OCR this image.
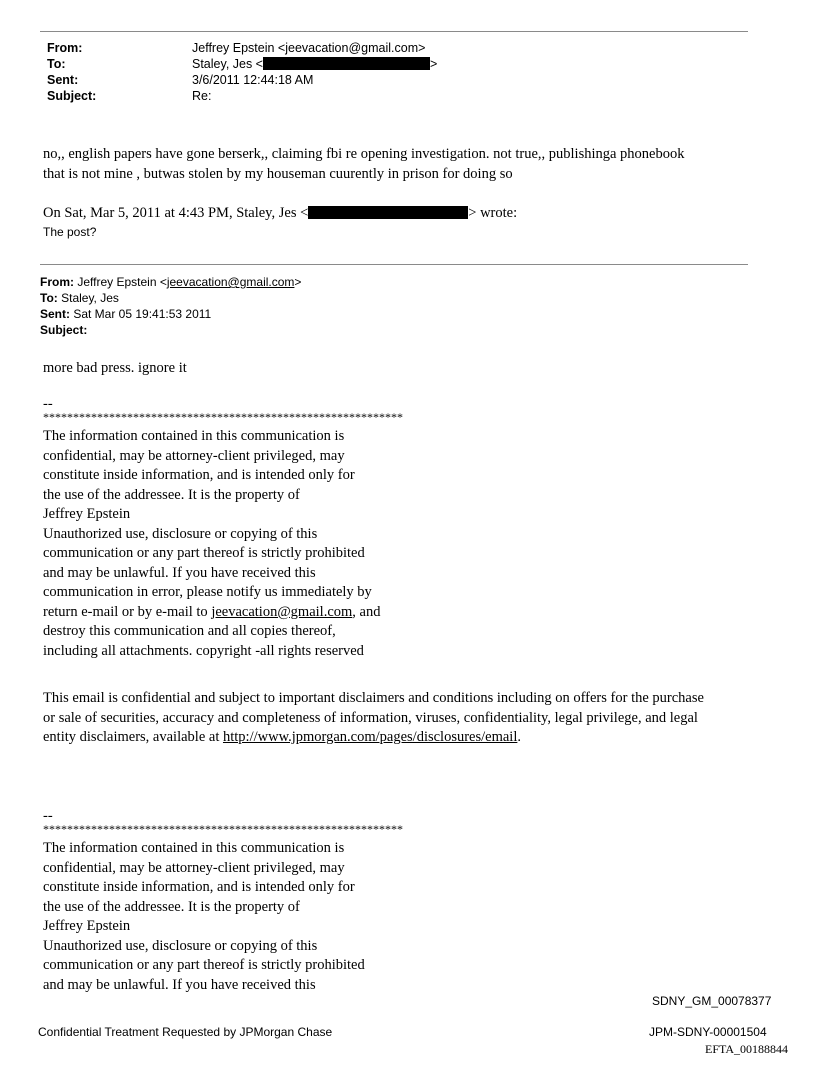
From:	Jeffrey Epstein <jeevacation@gmail.com>
To:	Staley, Jes <	>
Sent:	3/6/2011 12:44:18 AM
Subject:	Re:
no,, english papers have gone berserk,, claiming fbi re opening investigation. not true,, publishinga phonebook
that is not mine , butwas stolen by my houseman cuurently in prison for doing so
On Sat, Mar 5, 2011 at 4:43 PM, Staley, Jes <	> wrote:
The post?
From: Jeffrey Epstein <jeevacation@gmail.com>
To: Staley, Jes
Sent: Sat Mar 05 19:41:53 2011
Subject:
more bad press. ignore it
--
************************************************************
The information contained in this communication is
confidential, may be attorney-client privileged, may
constitute inside information, and is intended only for
the use of the addressee. It is the property of
Jeffrey Epstein
Unauthorized use, disclosure or copying of this
communication or any part thereof is strictly prohibited
and may be unlawful. If you have received this
communication in error, please notify us immediately by
return e-mail or by e-mail to jeevacation@gmail.com, and
destroy this communication and all copies thereof,
including all attachments. copyright -all rights reserved
This email is confidential and subject to important disclaimers and conditions including on offers for the purchase
or sale of securities, accuracy and completeness of information, viruses, confidentiality, legal privilege, and legal
entity disclaimers, available at http://www.jpmorgan.com/pages/disclosures/email.
--
************************************************************
The information contained in this communication is
confidential, may be attorney-client privileged, may
constitute inside information, and is intended only for
the use of the addressee. It is the property of
Jeffrey Epstein
Unauthorized use, disclosure or copying of this
communication or any part thereof is strictly prohibited
and may be unlawful. If you have received this
SDNY_GM_00078377
Confidential Treatment Requested by JPMorgan Chase	JPM-SDNY-00001504
EFTA_00188844
